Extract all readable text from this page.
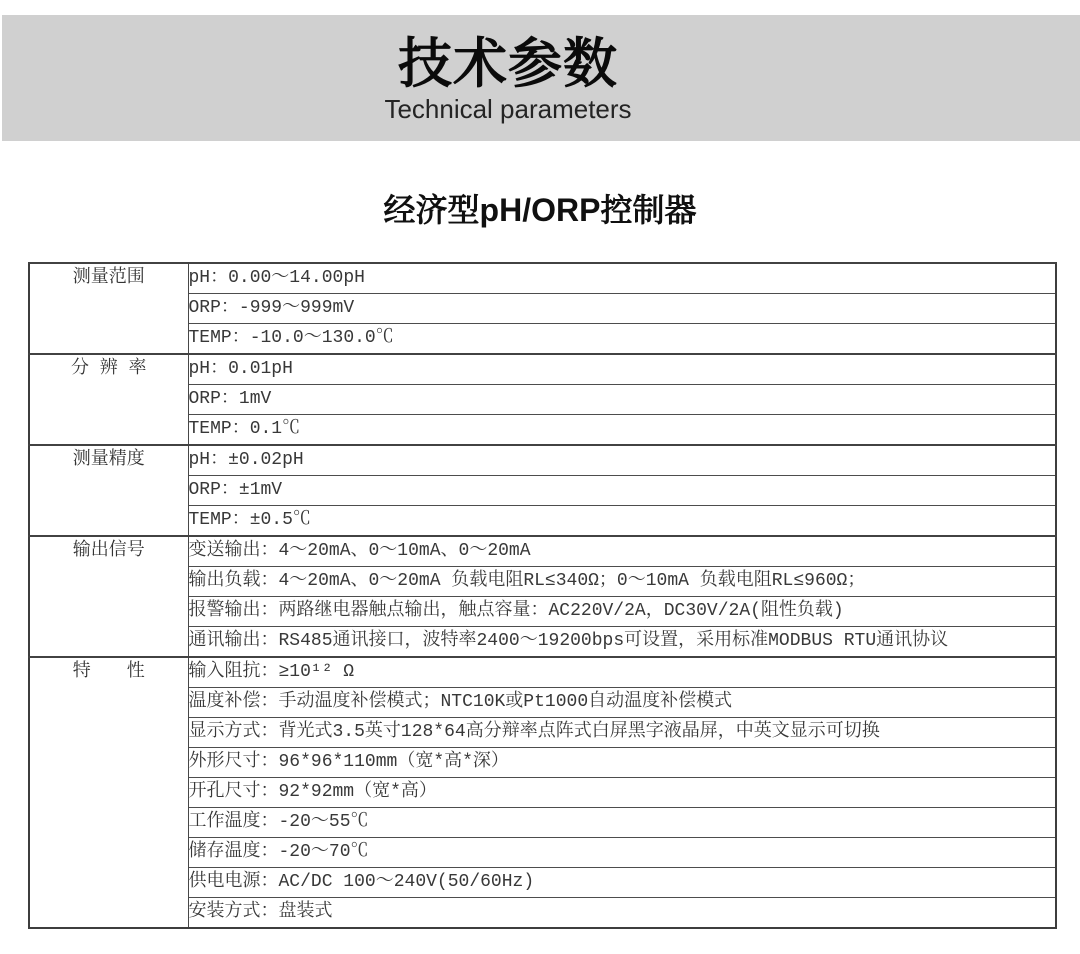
技术参数
Technical parameters
经济型pH/ORP控制器
测量范围	pH：0.00～14.00pH
	ORP：-999～999mV
	TEMP：-10.0～130.0℃
分 辨 率	pH：0.01pH
	ORP：1mV
	TEMP：0.1℃
测量精度	pH：±0.02pH
	ORP：±1mV
	TEMP：±0.5℃
输出信号	变送输出：4～20mA、0～10mA、0～20mA
	输出负载：4～20mA、0～20mA 负载电阻RL≤340Ω；0～10mA 负载电阻RL≤960Ω；
	报警输出：两路继电器触点输出，触点容量：AC220V/2A，DC30V/2A(阻性负载)
	通讯输出：RS485通讯接口，波特率2400～19200bps可设置，采用标准MODBUS RTU通讯协议
特　　性	输入阻抗：≥10¹² Ω
	温度补偿：手动温度补偿模式；NTC10K或Pt1000自动温度补偿模式
	显示方式：背光式3.5英寸128*64高分辩率点阵式白屏黑字液晶屏，中英文显示可切换
	外形尺寸：96*96*110mm（宽*高*深）
	开孔尺寸：92*92mm（宽*高）
	工作温度：-20～55℃
	储存温度：-20～70℃
	供电电源：AC/DC 100～240V(50/60Hz)
	安装方式：盘装式
